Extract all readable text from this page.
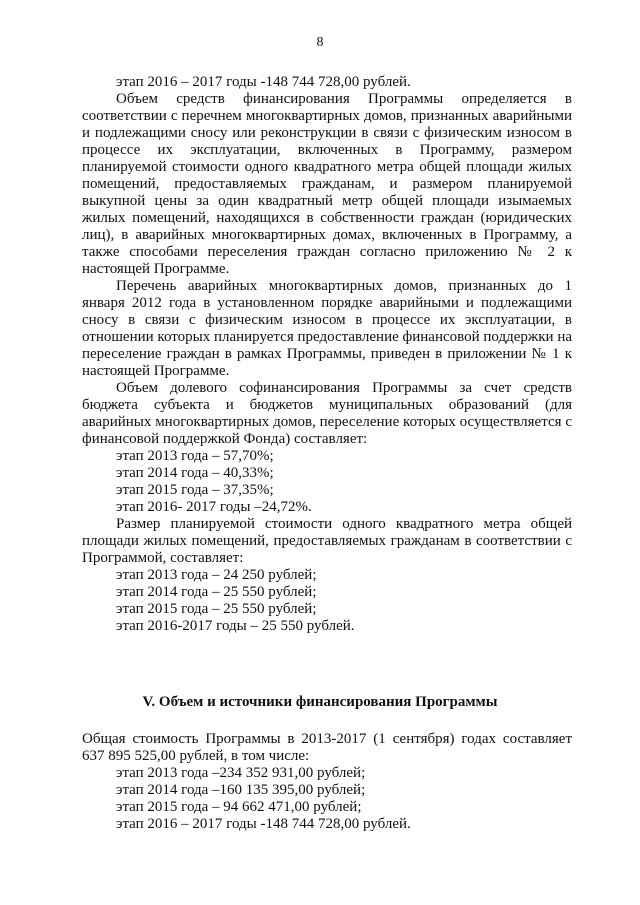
8

этап 2016 – 2017 годы -148 744 728,00 рублей.

Объем средств финансирования Программы определяется в соответствии с перечнем многоквартирных домов, признанных аварийными и подлежащими сносу или реконструкции в связи с физическим износом в процессе их эксплуатации, включенных в Программу, размером планируемой стоимости одного квадратного метра общей площади жилых помещений, предоставляемых гражданам, и размером планируемой выкупной цены за один квадратный метр общей площади изымаемых жилых помещений, находящихся в собственности граждан (юридических лиц), в аварийных многоквартирных домах, включенных в Программу, а также способами переселения граждан согласно приложению № 2 к настоящей Программе.

Перечень аварийных многоквартирных домов, признанных до 1 января 2012 года в установленном порядке аварийными и подлежащими сносу в связи с физическим износом в процессе их эксплуатации, в отношении которых планируется предоставление финансовой поддержки на переселение граждан в рамках Программы, приведен в приложении № 1 к настоящей Программе.

Объем долевого софинансирования Программы за счет средств бюджета субъекта и бюджетов муниципальных образований (для аварийных многоквартирных домов, переселение которых осуществляется с финансовой поддержкой Фонда) составляет:

этап 2013 года – 57,70%;

этап 2014 года – 40,33%;

этап 2015 года – 37,35%;

этап 2016- 2017 годы –24,72%.

Размер планируемой стоимости одного квадратного метра общей площади жилых помещений, предоставляемых гражданам в соответствии с Программой, составляет:

этап 2013 года – 24 250 рублей;

этап 2014 года – 25 550 рублей;

этап 2015 года – 25 550 рублей;

этап 2016-2017 годы – 25 550 рублей.

V. Объем и источники финансирования Программы

Общая стоимость Программы в 2013-2017 (1 сентября) годах составляет 637 895 525,00 рублей, в том числе:

этап 2013 года –234 352 931,00 рублей;

этап 2014 года –160 135 395,00 рублей;

этап 2015 года – 94 662 471,00 рублей;

этап 2016 – 2017 годы -148 744 728,00 рублей.
